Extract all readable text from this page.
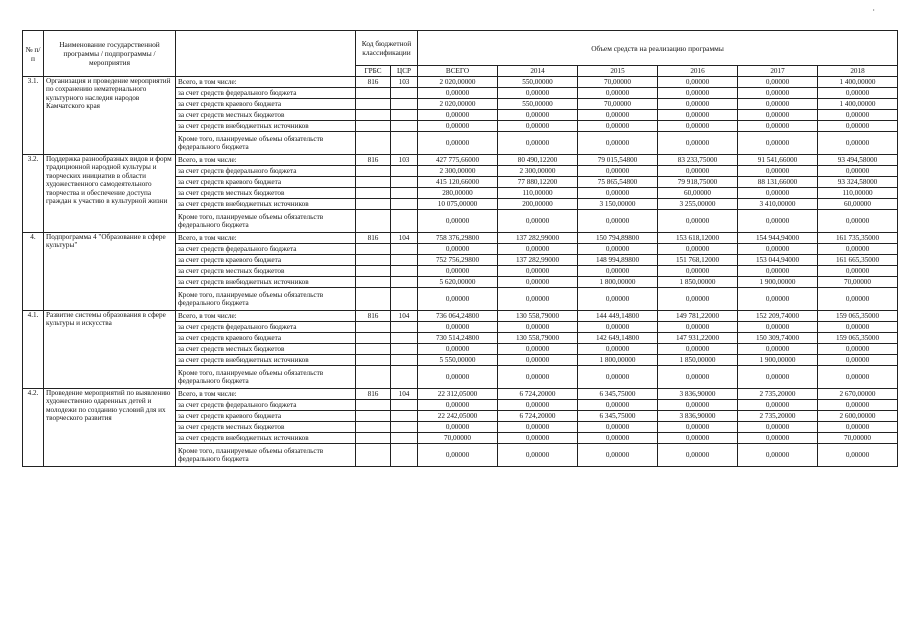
·
№ п/п	Наименование государственной программы / подпрограммы / мероприятия		Код бюджетной классификации		Объем средств на реализацию программы					
			ГРБС	ЦСР	ВСЕГО	2014	2015	2016	2017	2018
3.1.	Организация и проведение мероприятий по сохранению нематериального культурного наследия народов Камчатского края	Всего, в том числе:	816	103	2 020,00000	550,00000	70,00000	0,00000	0,00000	1 400,00000
		за счет средств федерального бюджета			0,00000	0,00000	0,00000	0,00000	0,00000	0,00000
		за счет средств краевого бюджета			2 020,00000	550,00000	70,00000	0,00000	0,00000	1 400,00000
		за счет средств местных бюджетов			0,00000	0,00000	0,00000	0,00000	0,00000	0,00000
		за счет средств внебюджетных источников			0,00000	0,00000	0,00000	0,00000	0,00000	0,00000
		Кроме того, планируемые объемы обязательств федерального бюджета			0,00000	0,00000	0,00000	0,00000	0,00000	0,00000
3.2.	Поддержка разнообразных видов и форм традиционной народной культуры и творческих инициатив в области художественного самодеятельного творчества и обеспечение доступа граждан к участию в культурной жизни	Всего, в том числе:	816	103	427 775,66000	80 490,12200	79 015,54800	83 233,75000	91 541,66000	93 494,58000
		за счет средств федерального бюджета			2 300,00000	2 300,00000	0,00000	0,00000	0,00000	0,00000
		за счет средств краевого бюджета			415 120,66000	77 880,12200	75 865,54800	79 918,75000	88 131,66000	93 324,58000
		за счет средств местных бюджетов			280,00000	110,00000	0,00000	60,00000	0,00000	110,00000
		за счет средств внебюджетных источников			10 075,00000	200,00000	3 150,00000	3 255,00000	3 410,00000	60,00000
		Кроме того, планируемые объемы обязательств федерального бюджета			0,00000	0,00000	0,00000	0,00000	0,00000	0,00000
4.	Подпрограмма 4 "Образование в сфере культуры"	Всего, в том числе:	816	104	758 376,29800	137 282,99000	150 794,89800	153 618,12000	154 944,94000	161 735,35000
		за счет средств федерального бюджета			0,00000	0,00000	0,00000	0,00000	0,00000	0,00000
		за счет средств краевого бюджета			752 756,29800	137 282,99000	148 994,89800	151 768,12000	153 044,94000	161 665,35000
		за счет средств местных бюджетов			0,00000	0,00000	0,00000	0,00000	0,00000	0,00000
		за счет средств внебюджетных источников			5 620,00000	0,00000	1 800,00000	1 850,00000	1 900,00000	70,00000
		Кроме того, планируемые объемы обязательств федерального бюджета			0,00000	0,00000	0,00000	0,00000	0,00000	0,00000
4.1.	Развитие системы образования в сфере культуры и искусства	Всего, в том числе:	816	104	736 064,24800	130 558,79000	144 449,14800	149 781,22000	152 209,74000	159 065,35000
		за счет средств федерального бюджета			0,00000	0,00000	0,00000	0,00000	0,00000	0,00000
		за счет средств краевого бюджета			730 514,24800	130 558,79000	142 649,14800	147 931,22000	150 309,74000	159 065,35000
		за счет средств местных бюджетов			0,00000	0,00000	0,00000	0,00000	0,00000	0,00000
		за счет средств внебюджетных источников			5 550,00000	0,00000	1 800,00000	1 850,00000	1 900,00000	0,00000
		Кроме того, планируемые объемы обязательств федерального бюджета			0,00000	0,00000	0,00000	0,00000	0,00000	0,00000
4.2.	Проведение мероприятий по выявлению художественно одаренных детей и молодежи по созданию условий для их творческого развития	Всего, в том числе:	816	104	22 312,05000	6 724,20000	6 345,75000	3 836,90000	2 735,20000	2 670,00000
		за счет средств федерального бюджета			0,00000	0,00000	0,00000	0,00000	0,00000	0,00000
		за счет средств краевого бюджета			22 242,05000	6 724,20000	6 345,75000	3 836,90000	2 735,20000	2 600,00000
		за счет средств местных бюджетов			0,00000	0,00000	0,00000	0,00000	0,00000	0,00000
		за счет средств внебюджетных источников			70,00000	0,00000	0,00000	0,00000	0,00000	70,00000
		Кроме того, планируемые объемы обязательств федерального бюджета			0,00000	0,00000	0,00000	0,00000	0,00000	0,00000
